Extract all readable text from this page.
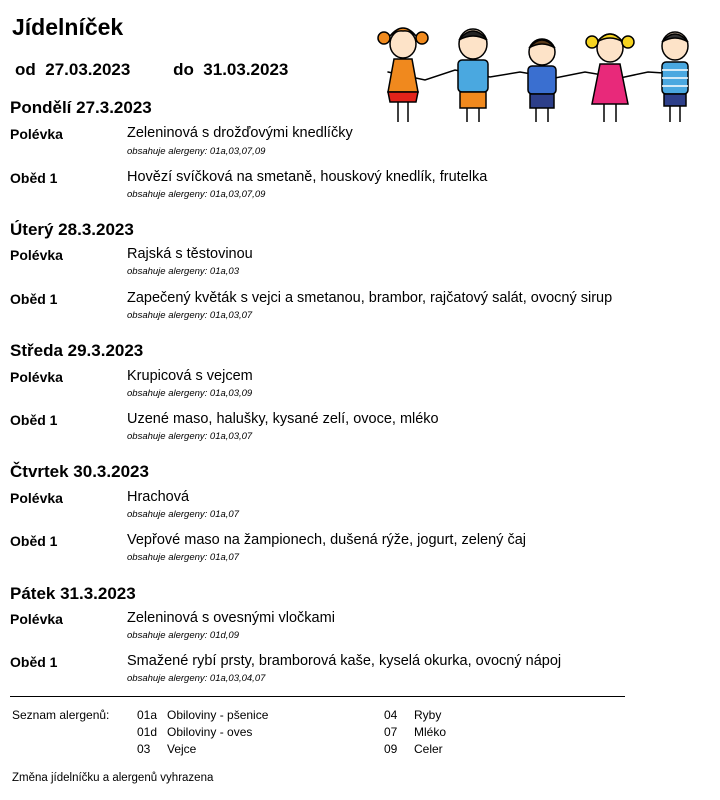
Jídelníček
od 27.03.2023	do 31.03.2023
Pondělí 27.3.2023
Polévka	Zeleninová s drožďovými knedlíčky
obsahuje alergeny: 01a,03,07,09
Oběd 1	Hovězí svíčková na smetaně, houskový knedlík, frutelka
obsahuje alergeny: 01a,03,07,09
Úterý 28.3.2023
Polévka	Rajská s těstovinou
obsahuje alergeny: 01a,03
Oběd 1	Zapečený květák s vejci a smetanou, brambor, rajčatový salát, ovocný sirup
obsahuje alergeny: 01a,03,07
Středa 29.3.2023
Polévka	Krupicová s vejcem
obsahuje alergeny: 01a,03,09
Oběd 1	Uzené maso, halušky, kysané zelí, ovoce, mléko
obsahuje alergeny: 01a,03,07
Čtvrtek 30.3.2023
Polévka	Hrachová
obsahuje alergeny: 01a,07
Oběd 1	Vepřové maso na žampionech, dušená rýže, jogurt, zelený čaj
obsahuje alergeny: 01a,07
Pátek 31.3.2023
Polévka	Zeleninová s ovesnými vločkami
obsahuje alergeny: 01d,09
Oběd 1	Smažené rybí prsty, bramborová kaše, kyselá okurka, ovocný nápoj
obsahuje alergeny: 01a,03,04,07
Seznam alergenů: 01a Obiloviny - pšenice
01d Obiloviny - oves
03 Vejce
04 Ryby
07 Mléko
09 Celer
Změna jídelníčku a alergenů vyhrazena
